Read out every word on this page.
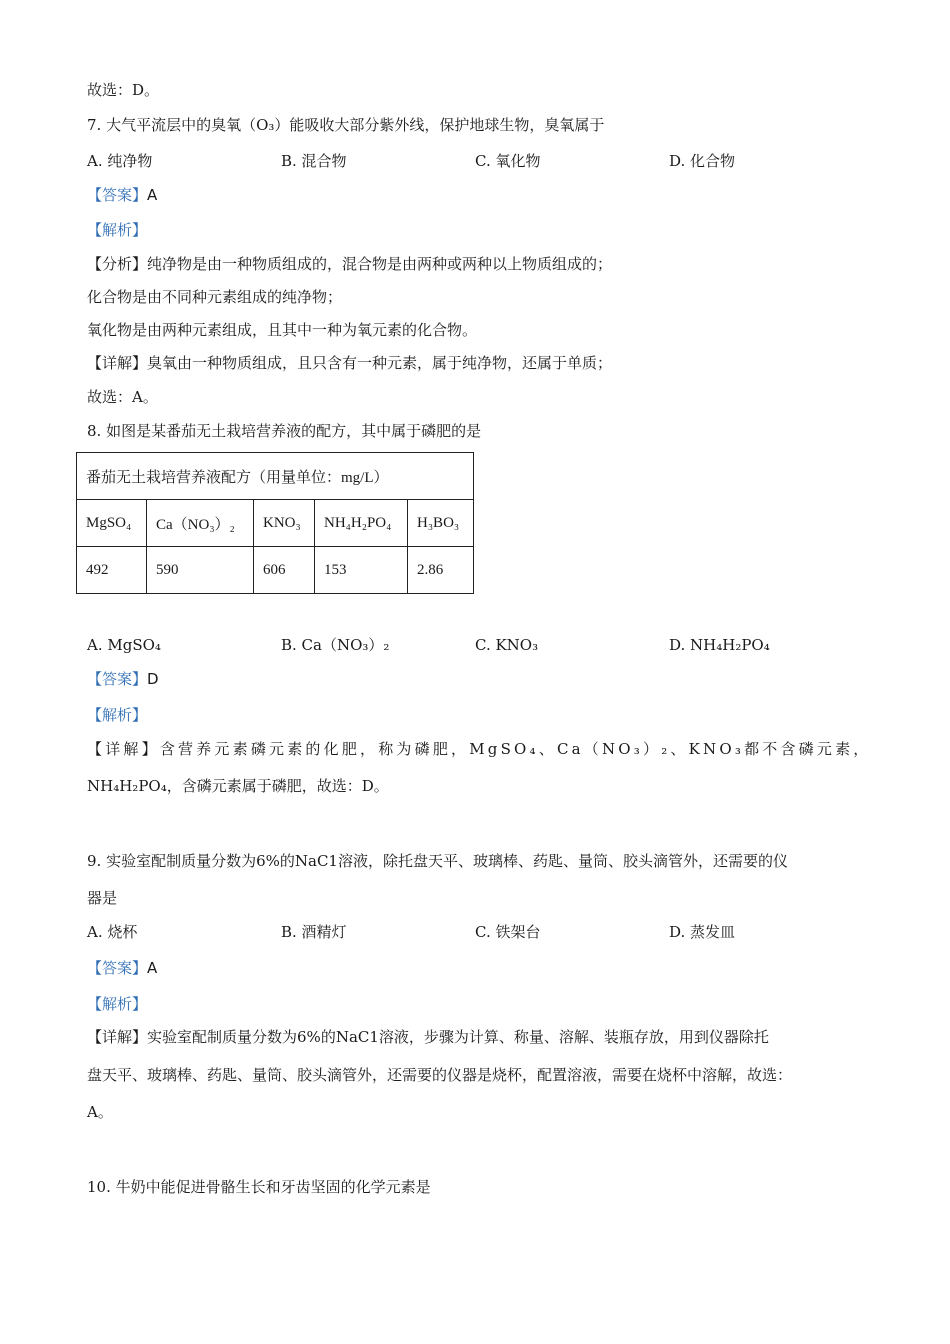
故选：D。
7. 大气平流层中的臭氧（O₃）能吸收大部分紫外线，保护地球生物，臭氧属于
A. 纯净物	B. 混合物	C. 氧化物	D. 化合物
【答案】A
【解析】
【分析】纯净物是由一种物质组成的，混合物是由两种或两种以上物质组成的；
化合物是由不同种元素组成的纯净物；
氧化物是由两种元素组成，且其中一种为氧元素的化合物。
【详解】臭氧由一种物质组成，且只含有一种元素，属于纯净物，还属于单质；
故选：A。
8. 如图是某番茄无土栽培营养液的配方，其中属于磷肥的是
番茄无土栽培营养液配方（用量单位：mg/L）				
MgSO₄	Ca（NO₃）₂	KNO₃	NH₄H₂PO₄	H₃BO₃
492	590	606	153	2.86
A. MgSO₄	B. Ca（NO₃）₂	C. KNO₃	D. NH₄H₂PO₄
【答案】D
【解析】
【详解】含营养元素磷元素的化肥，称为磷肥，MgSO₄、Ca（NO₃）₂、KNO₃都不含磷元素，
NH₄H₂PO₄，含磷元素属于磷肥，故选：D。
9. 实验室配制质量分数为6%的NaC1溶液，除托盘天平、玻璃棒、药匙、量筒、胶头滴管外，还需要的仪
器是
A. 烧杯	B. 酒精灯	C. 铁架台	D. 蒸发皿
【答案】A
【解析】
【详解】实验室配制质量分数为6%的NaC1溶液，步骤为计算、称量、溶解、装瓶存放，用到仪器除托
盘天平、玻璃棒、药匙、量筒、胶头滴管外，还需要的仪器是烧杯，配置溶液，需要在烧杯中溶解，故选：
A。
10. 牛奶中能促进骨骼生长和牙齿坚固的化学元素是
